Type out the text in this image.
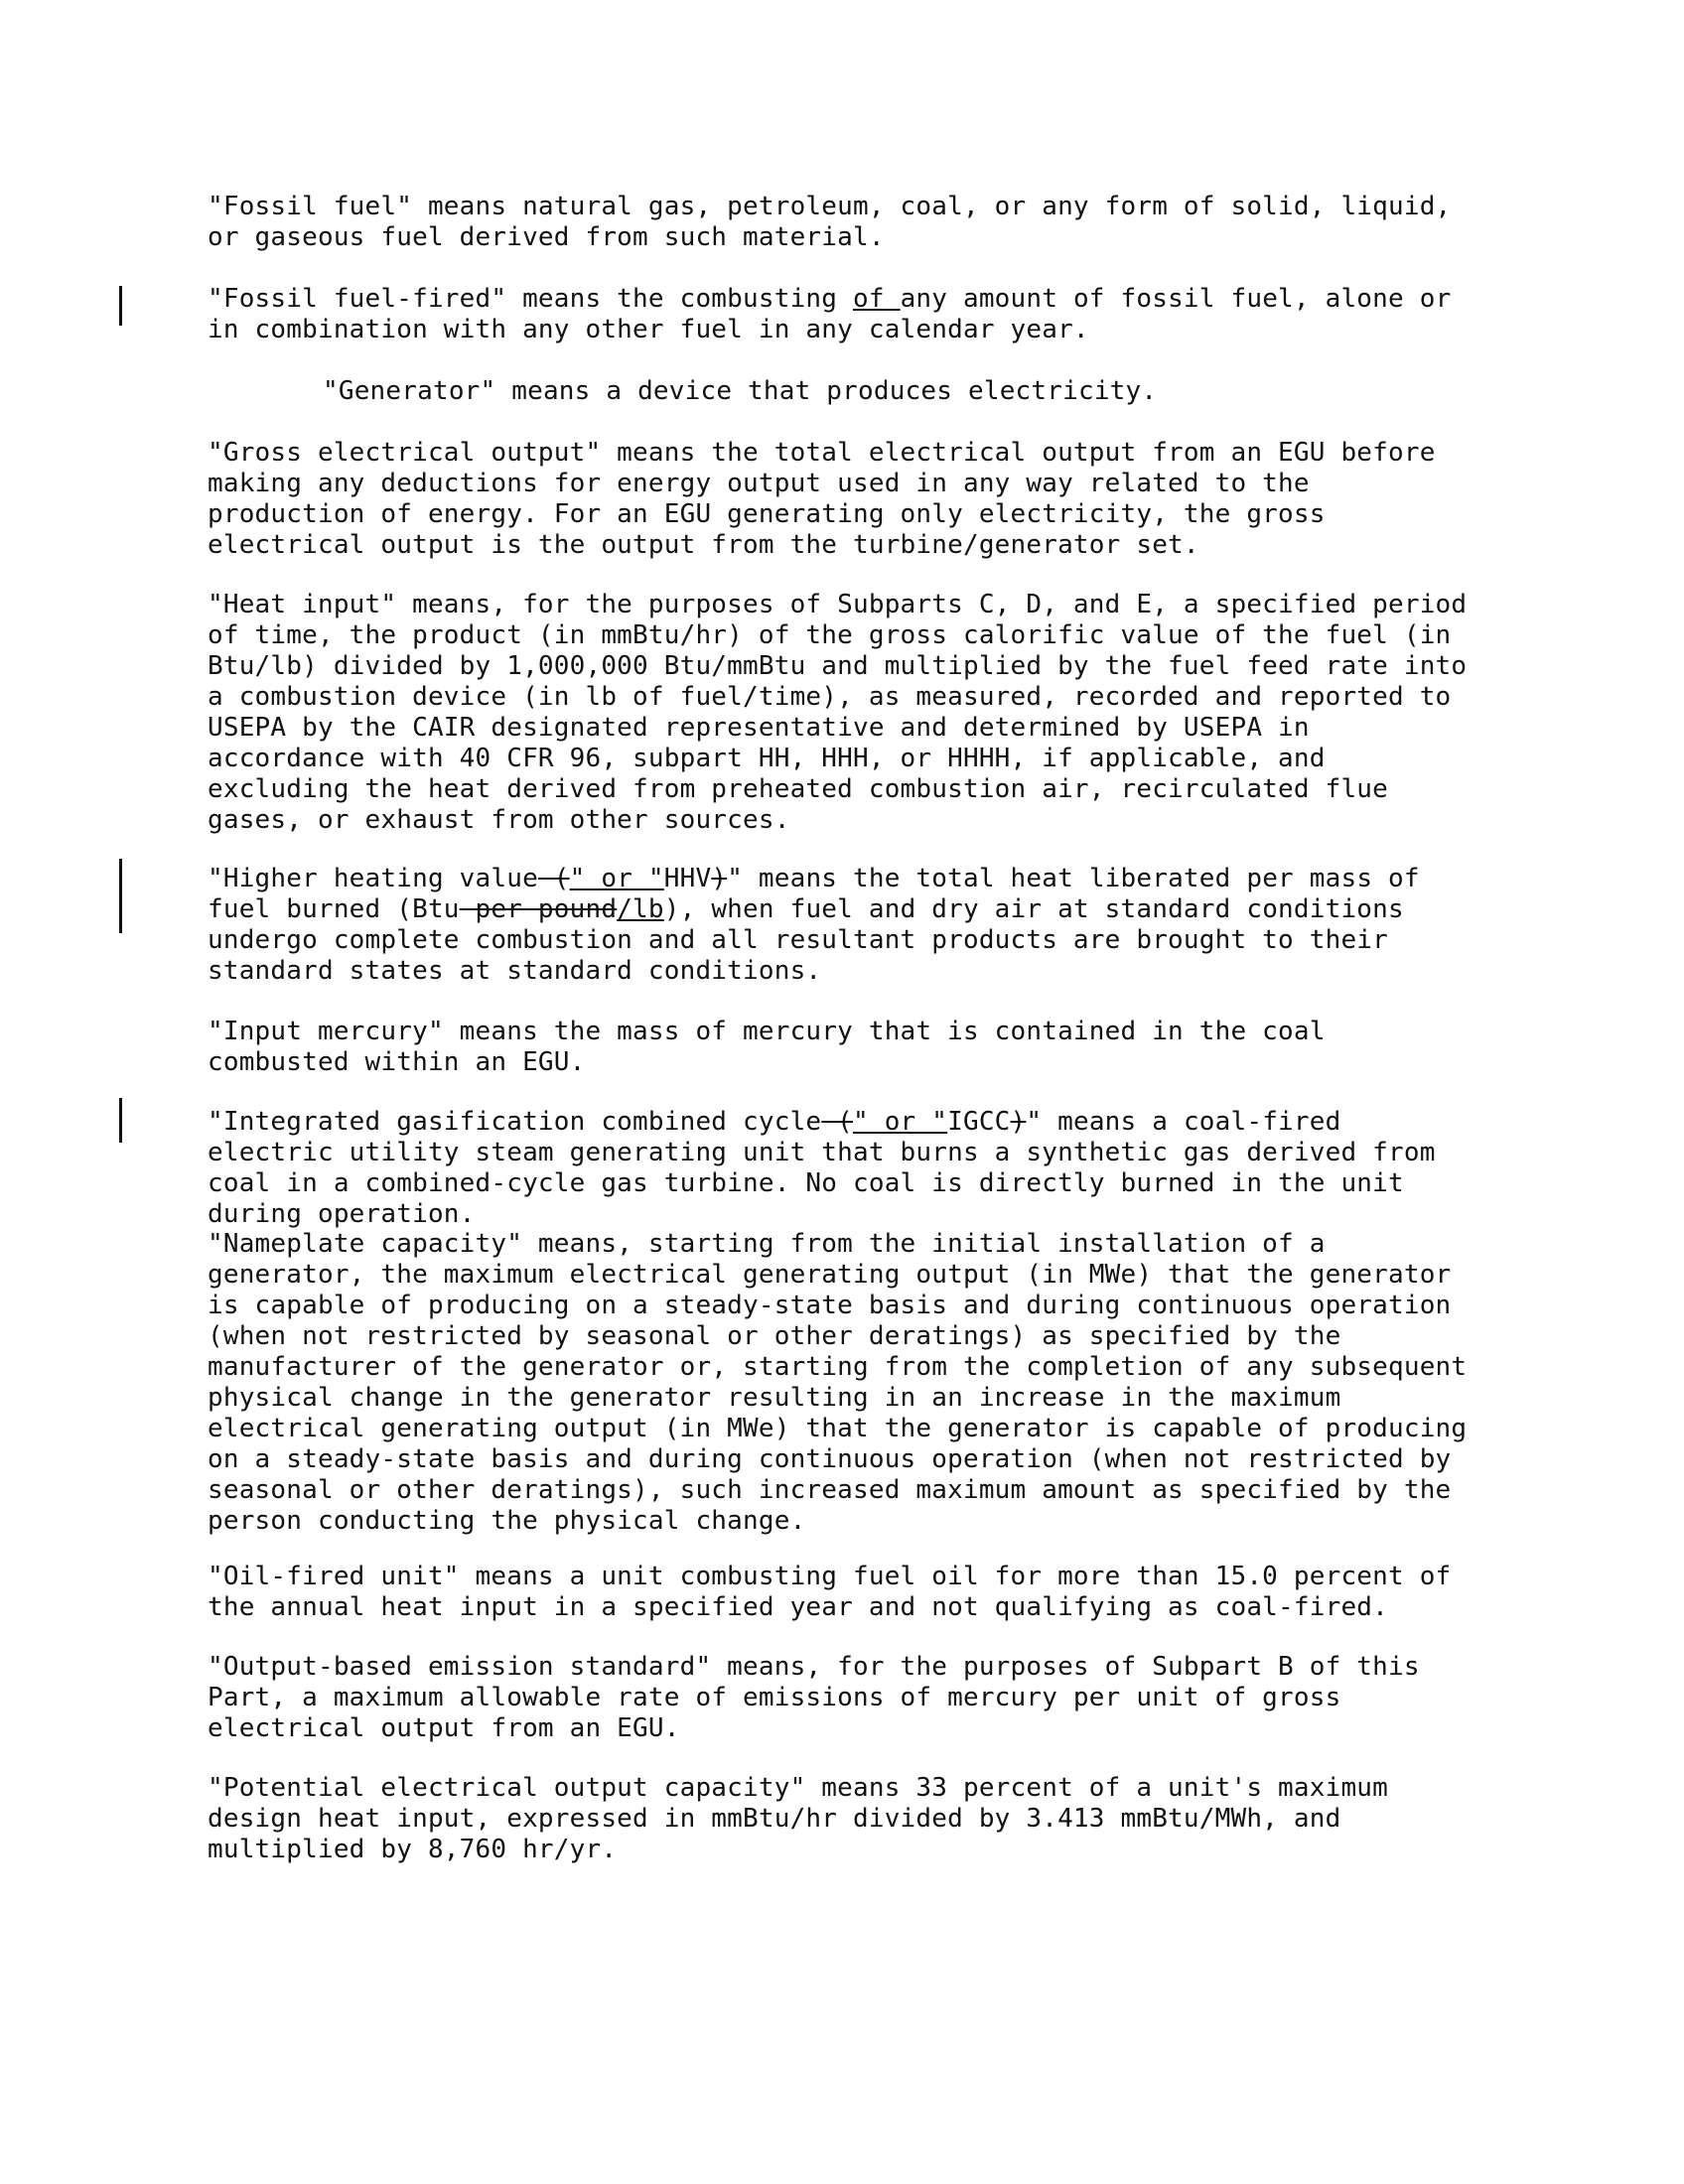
"Fossil fuel" means natural gas, petroleum, coal, or any form of solid, liquid,
or gaseous fuel derived from such material.

"Fossil fuel-fired" means the combusting of any amount of fossil fuel, alone or
in combination with any other fuel in any calendar year.

"Generator" means a device that produces electricity.

"Gross electrical output" means the total electrical output from an EGU before
making any deductions for energy output used in any way related to the
production of energy. For an EGU generating only electricity, the gross
electrical output is the output from the turbine/generator set.

"Heat input" means, for the purposes of Subparts C, D, and E, a specified period
of time, the product (in mmBtu/hr) of the gross calorific value of the fuel (in
Btu/lb) divided by 1,000,000 Btu/mmBtu and multiplied by the fuel feed rate into
a combustion device (in lb of fuel/time), as measured, recorded and reported to
USEPA by the CAIR designated representative and determined by USEPA in
accordance with 40 CFR 96, subpart HH, HHH, or HHHH, if applicable, and
excluding the heat derived from preheated combustion air, recirculated flue
gases, or exhaust from other sources.

"Higher heating value (" or "HHV)" means the total heat liberated per mass of
fuel burned (Btu per pound/lb), when fuel and dry air at standard conditions
undergo complete combustion and all resultant products are brought to their
standard states at standard conditions.

"Input mercury" means the mass of mercury that is contained in the coal
combusted within an EGU.

"Integrated gasification combined cycle (" or "IGCC)" means a coal-fired
electric utility steam generating unit that burns a synthetic gas derived from
coal in a combined-cycle gas turbine. No coal is directly burned in the unit
during operation.

"Nameplate capacity" means, starting from the initial installation of a
generator, the maximum electrical generating output (in MWe) that the generator
is capable of producing on a steady-state basis and during continuous operation
(when not restricted by seasonal or other deratings) as specified by the
manufacturer of the generator or, starting from the completion of any subsequent
physical change in the generator resulting in an increase in the maximum
electrical generating output (in MWe) that the generator is capable of producing
on a steady-state basis and during continuous operation (when not restricted by
seasonal or other deratings), such increased maximum amount as specified by the
person conducting the physical change.

"Oil-fired unit" means a unit combusting fuel oil for more than 15.0 percent of
the annual heat input in a specified year and not qualifying as coal-fired.

"Output-based emission standard" means, for the purposes of Subpart B of this
Part, a maximum allowable rate of emissions of mercury per unit of gross
electrical output from an EGU.

"Potential electrical output capacity" means 33 percent of a unit's maximum
design heat input, expressed in mmBtu/hr divided by 3.413 mmBtu/MWh, and
multiplied by 8,760 hr/yr.
